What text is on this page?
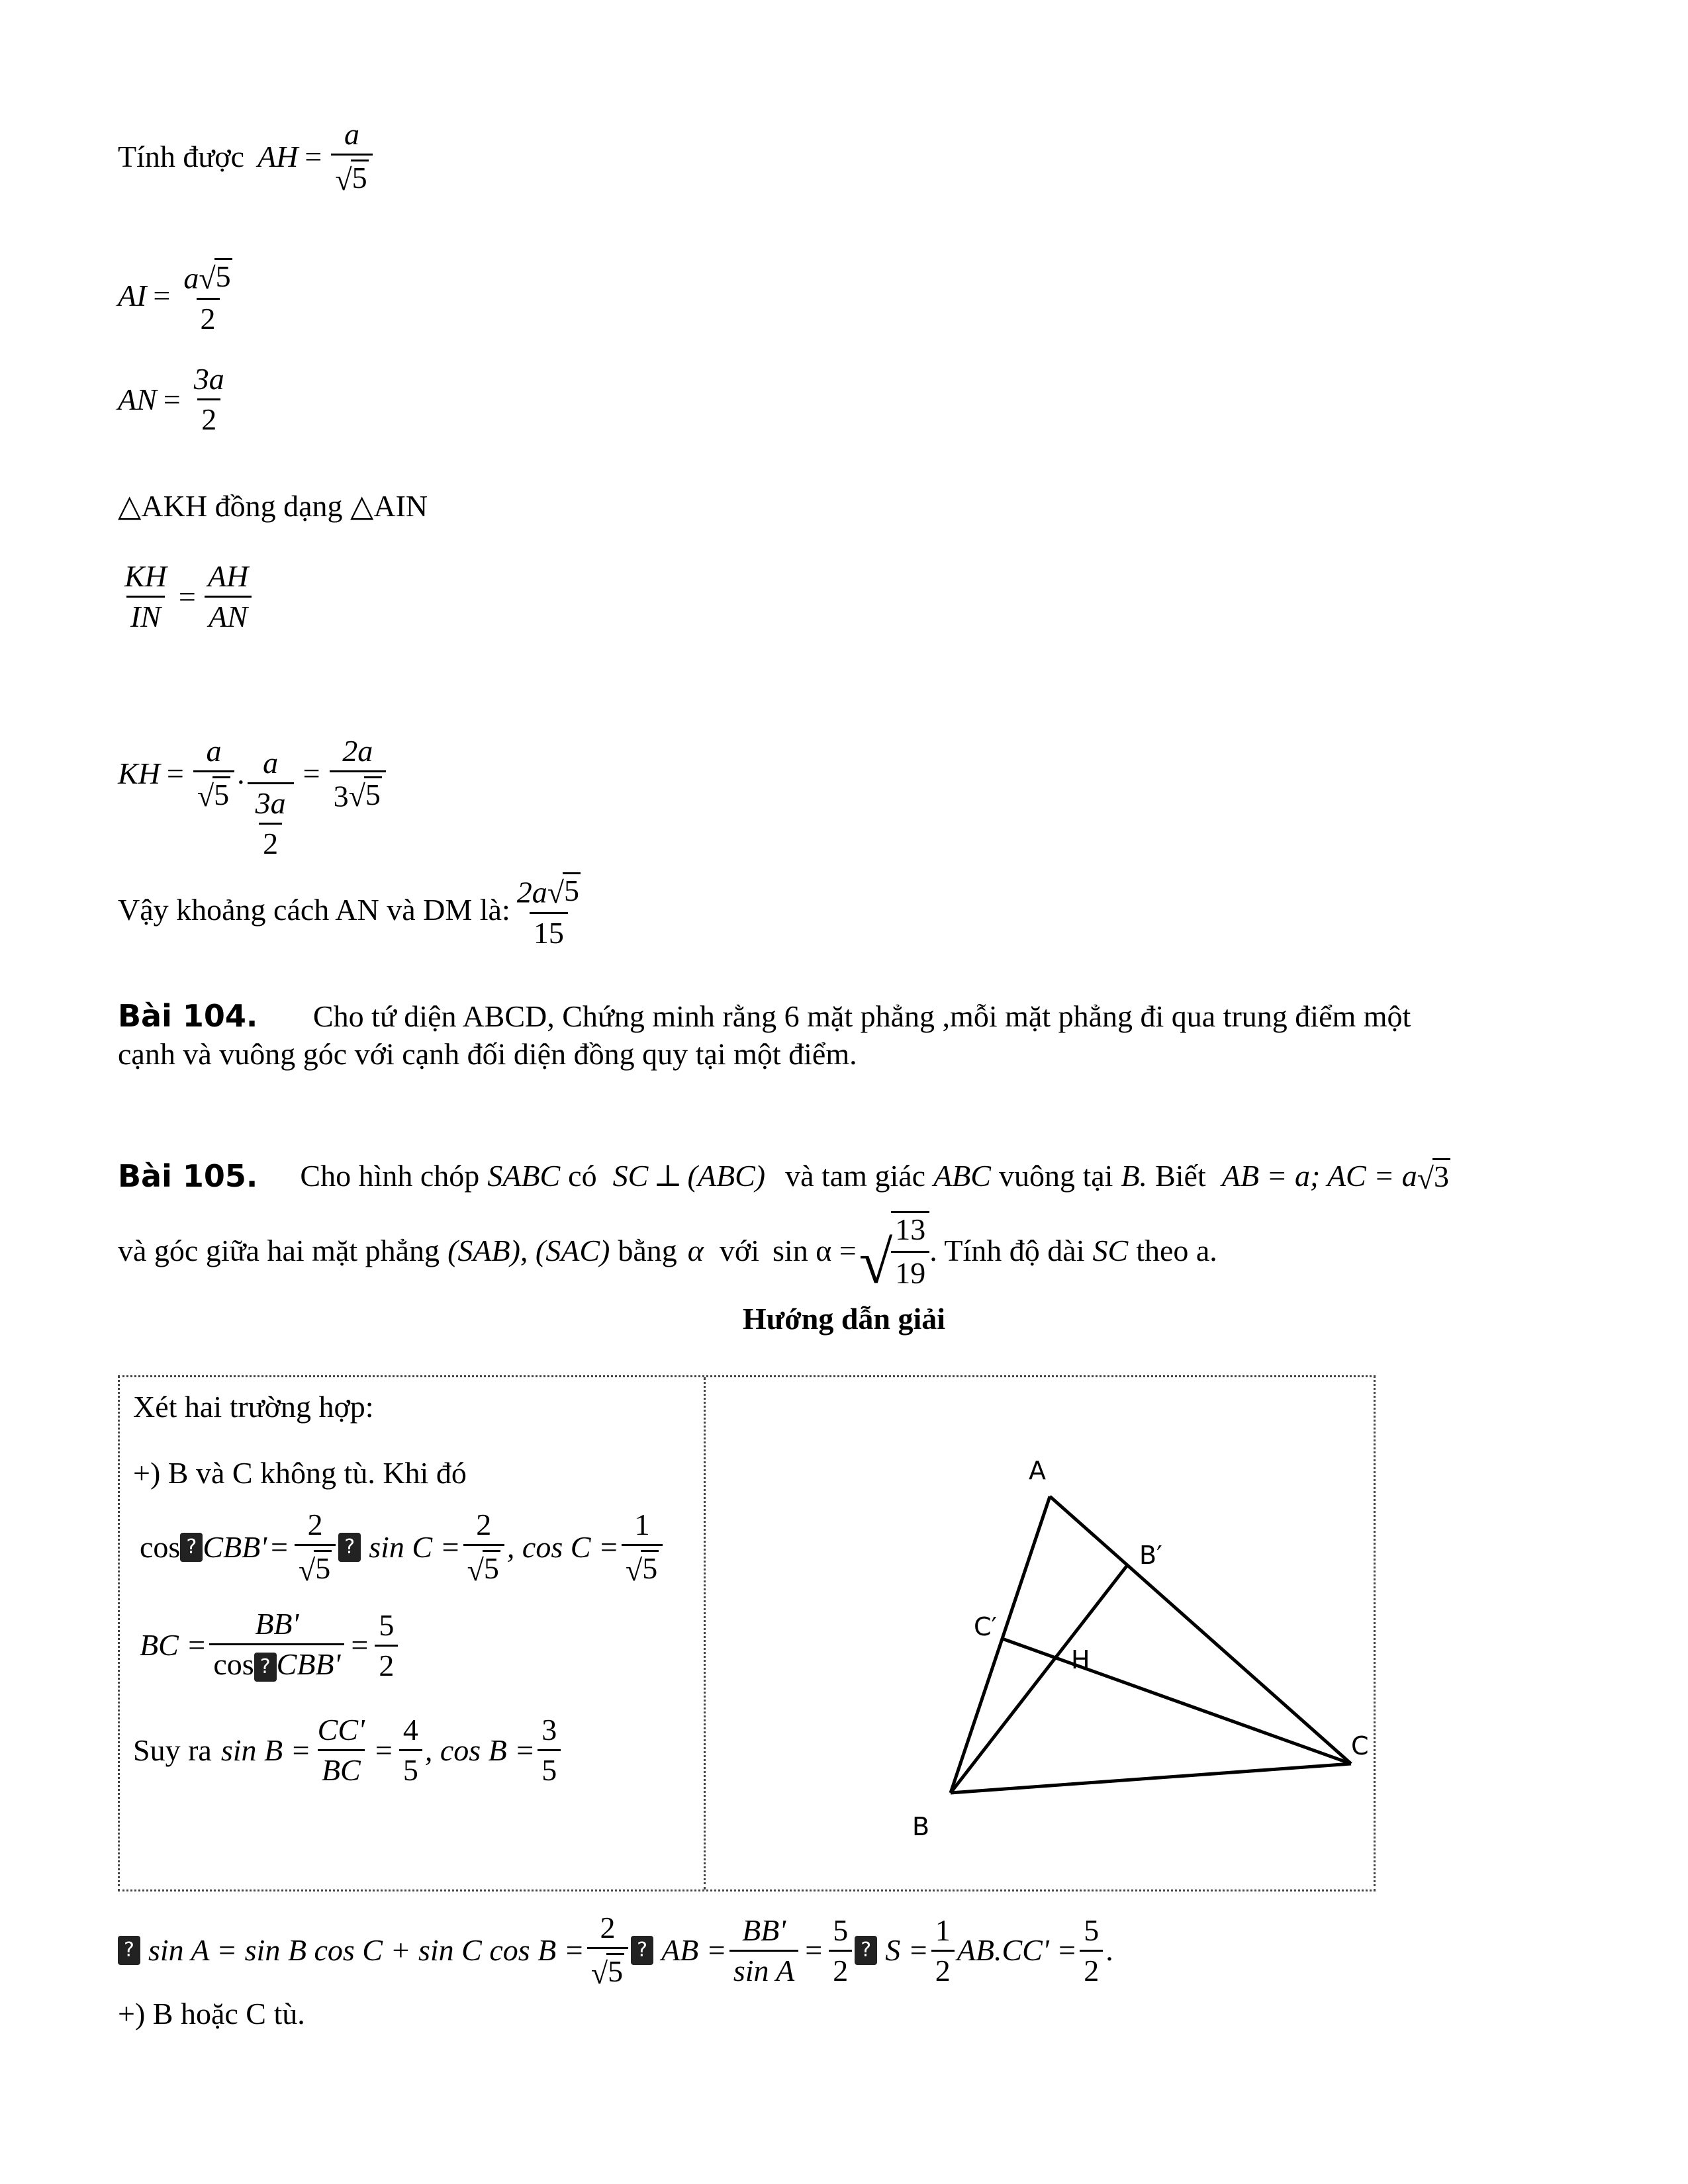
Tính được AH = $\frac{a}{√ 5}$
AI = $\frac{a √ 5}{2}$
AN = $\frac{3a}{2}$
△AKH đồng dạng △AIN
$\frac{KH}{IN} = \frac{AH}{AN}$
KH = $\frac{a}{√ 5}$ . $\frac{a}{\frac{3a}{2}} = \frac{2a}{3 √ 5}$
Vậy khoảng cách AN và DM là: $\frac{2a √ 5}{15}$
Bài 104. Cho tứ diện ABCD, Chứng minh rằng 6 mặt phẳng ,mỗi mặt phẳng đi qua trung điểm một
cạnh và vuông góc với cạnh đối diện đồng quy tại một điểm.
Bài 105. Cho hình chóp SABC có SC ⊥ (ABC) và tam giác ABC vuông tại B. Biết AB = a; AC = a √ 3
và góc giữa hai mặt phẳng (SAB), (SAC) bằng α với sin α = √
$\frac{13}{19}$ . Tính độ dài SC theo a.
Hướng dẫn giải
Xét hai trường hợp:
+) B và C không tù. Khi đó
cos ? $CBB' = \frac{2}{√ 5}$ ? $\sin C = \frac{2}{√ 5}$ , $\cos C = \frac{1}{√ 5}$
BC = $\frac{BB'}{\text{cos ? CBB'}} = \frac{5}{2}$
Suy ra $\sin B = \frac{CC'}{BC} = \frac{4}{5}$ , $\cos B = \frac{3}{5}$
A
B′
C′
H
C
B
? sin A = sin B cos C + sin C $\cos B = \frac{2}{√ 5}$ ? AB = $\frac{BB'}{\text{sin A}} = \frac{5}{2}$ ? $S = \frac{1}{2} AB.CC' = \frac{5}{2}$ .
+) B hoặc C tù.
